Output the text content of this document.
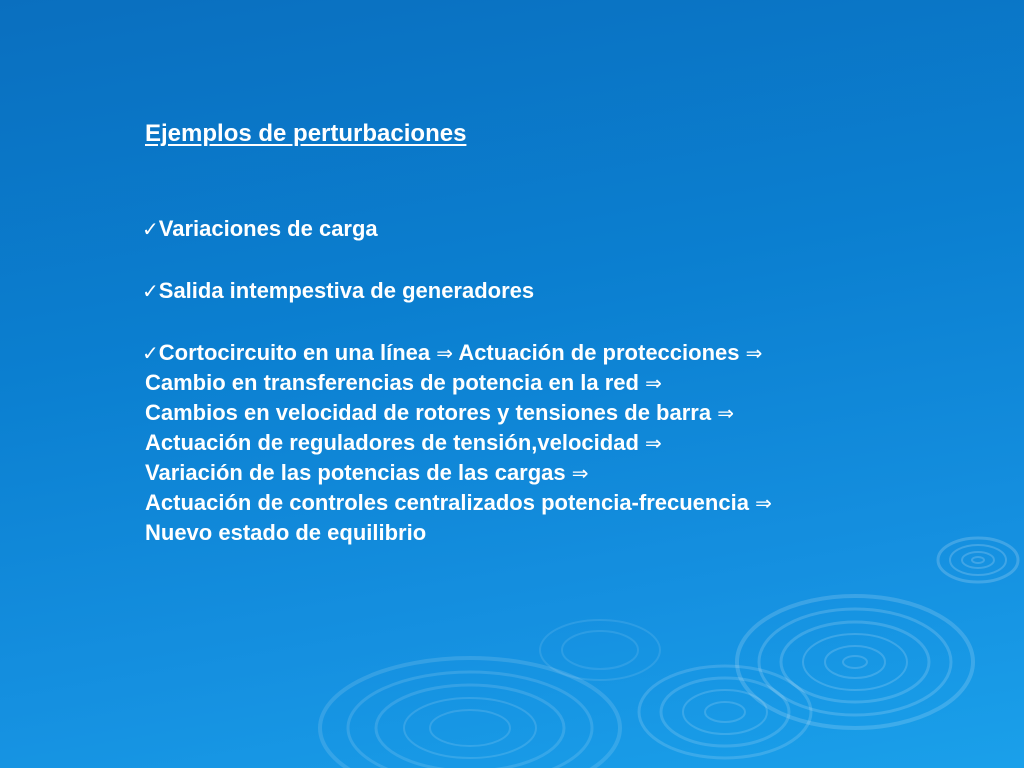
Ejemplos de perturbaciones
✓Variaciones de carga
✓Salida intempestiva de generadores
✓Cortocircuito en una línea ⇒ Actuación de protecciones ⇒
Cambio en transferencias de potencia en la red ⇒
Cambios en velocidad de rotores y tensiones de barra ⇒
Actuación de reguladores de tensión,velocidad ⇒
Variación de las potencias de las cargas ⇒
Actuación de controles centralizados potencia-frecuencia ⇒
Nuevo estado de equilibrio
